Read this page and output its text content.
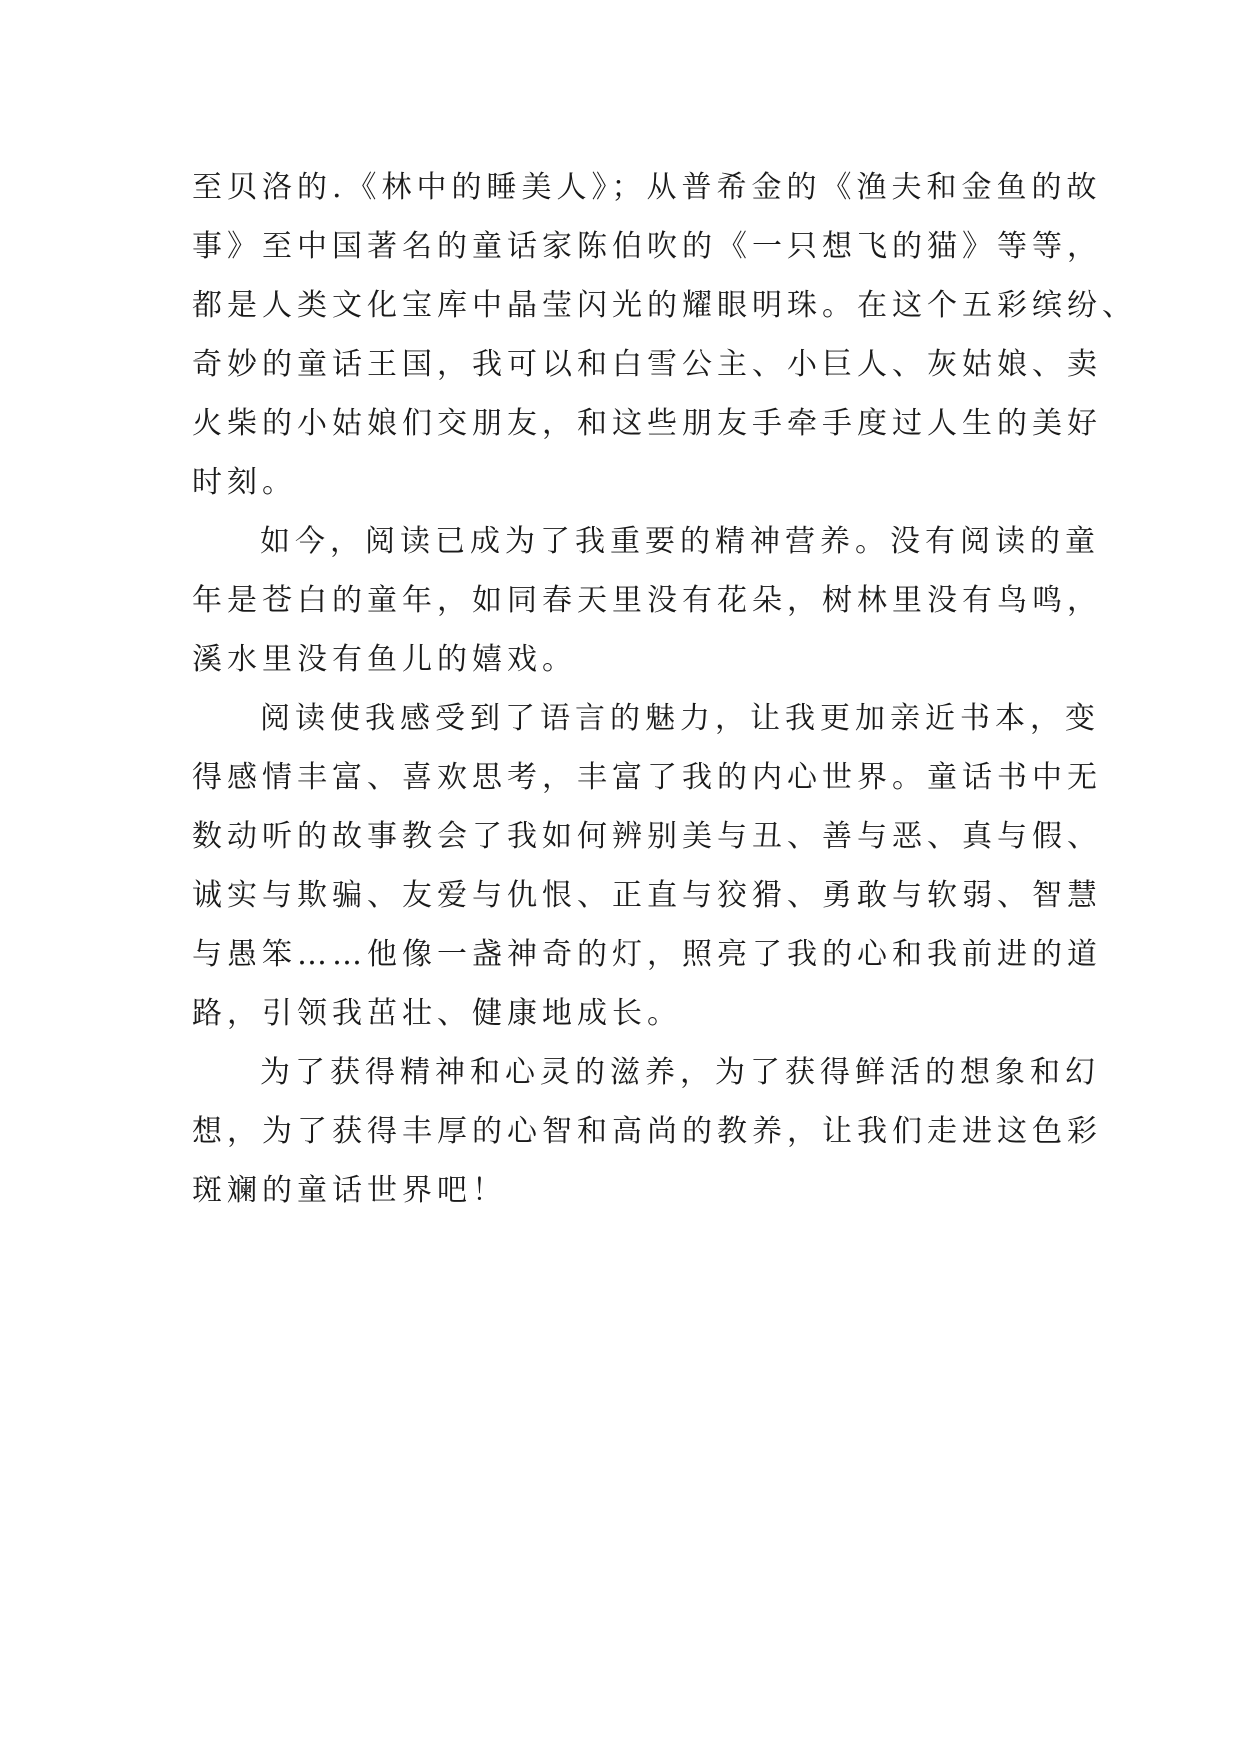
至贝洛的.《林中的睡美人》；从普希金的《渔夫和金鱼的故
事》至中国著名的童话家陈伯吹的《一只想飞的猫》等等，
都是人类文化宝库中晶莹闪光的耀眼明珠。在这个五彩缤纷、
奇妙的童话王国，我可以和白雪公主、小巨人、灰姑娘、卖
火柴的小姑娘们交朋友，和这些朋友手牵手度过人生的美好
时刻。
如今，阅读已成为了我重要的精神营养。没有阅读的童
年是苍白的童年，如同春天里没有花朵，树林里没有鸟鸣，
溪水里没有鱼儿的嬉戏。
阅读使我感受到了语言的魅力，让我更加亲近书本，变
得感情丰富、喜欢思考，丰富了我的内心世界。童话书中无
数动听的故事教会了我如何辨别美与丑、善与恶、真与假、
诚实与欺骗、友爱与仇恨、正直与狡猾、勇敢与软弱、智慧
与愚笨……他像一盏神奇的灯，照亮了我的心和我前进的道
路，引领我茁壮、健康地成长。
为了获得精神和心灵的滋养，为了获得鲜活的想象和幻
想，为了获得丰厚的心智和高尚的教养，让我们走进这色彩
斑斓的童话世界吧！
